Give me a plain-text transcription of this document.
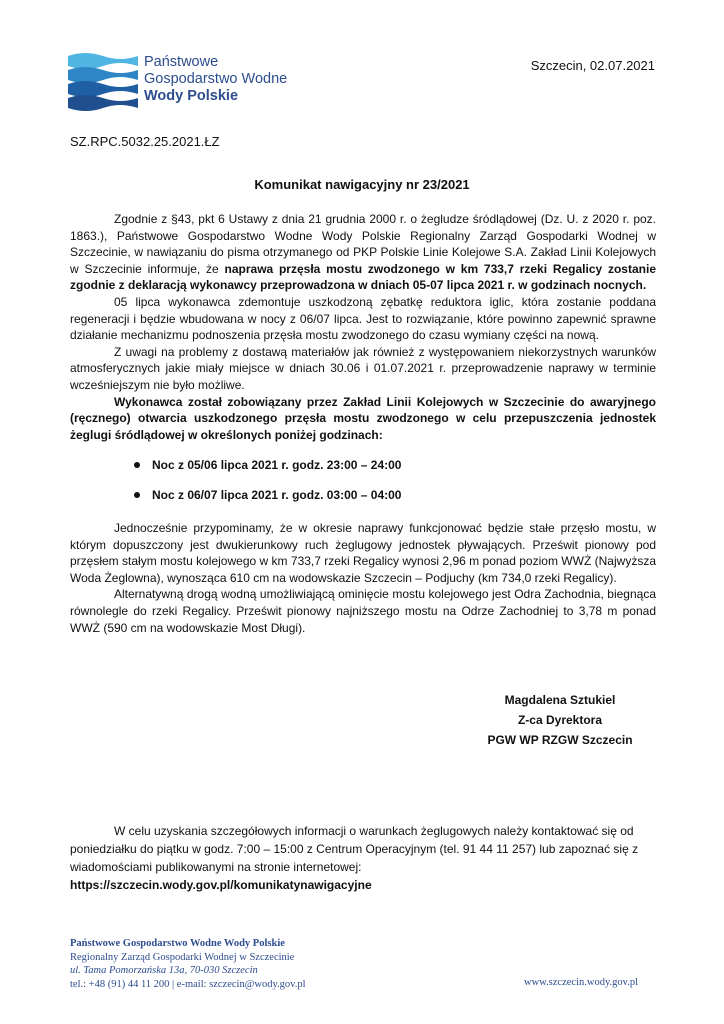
Państwowe
Gospodarstwo Wodne
Wody Polskie
Szczecin, 02.07.2021
SZ.RPC.5032.25.2021.ŁZ
Komunikat nawigacyjny nr 23/2021

Zgodnie z §43, pkt 6 Ustawy z dnia 21 grudnia 2000 r. o żegludze śródlądowej (Dz. U. z 2020 r. poz. 1863.), Państwowe Gospodarstwo Wodne Wody Polskie Regionalny Zarząd Gospodarki Wodnej w Szczecinie, w nawiązaniu do pisma otrzymanego od PKP Polskie Linie Kolejowe S.A. Zakład Linii Kolejowych w Szczecinie informuje, że naprawa przęsła mostu zwodzonego w km 733,7 rzeki Regalicy zostanie zgodnie z deklaracją wykonawcy przeprowadzona w dniach 05-07 lipca 2021 r. w godzinach nocnych.

05 lipca wykonawca zdemontuje uszkodzoną zębatkę reduktora iglic, która zostanie poddana regeneracji i będzie wbudowana w nocy z 06/07 lipca. Jest to rozwiązanie, które powinno zapewnić sprawne działanie mechanizmu podnoszenia przęsła mostu zwodzonego do czasu wymiany części na nową.

Z uwagi na problemy z dostawą materiałów jak również z występowaniem niekorzystnych warunków atmosferycznych jakie miały miejsce w dniach 30.06 i 01.07.2021 r. przeprowadzenie naprawy w terminie wcześniejszym nie było możliwe.

Wykonawca został zobowiązany przez Zakład Linii Kolejowych w Szczecinie do awaryjnego (ręcznego) otwarcia uszkodzonego przęsła mostu zwodzonego w celu przepuszczenia jednostek żeglugi śródlądowej w określonych poniżej godzinach:

Noc z 05/06 lipca 2021 r. godz. 23:00 – 24:00
Noc z 06/07 lipca 2021 r. godz. 03:00 – 04:00

Jednocześnie przypominamy, że w okresie naprawy funkcjonować będzie stałe przęsło mostu, w którym dopuszczony jest dwukierunkowy ruch żeglugowy jednostek pływających. Prześwit pionowy pod przęsłem stałym mostu kolejowego w km 733,7 rzeki Regalicy wynosi 2,96 m ponad poziom WWŻ (Najwyższa Woda Żeglowna), wynosząca 610 cm na wodowskazie Szczecin – Podjuchy (km 734,0 rzeki Regalicy).

Alternatywną drogą wodną umożliwiającą ominięcie mostu kolejowego jest Odra Zachodnia, biegnąca równolegle do rzeki Regalicy. Prześwit pionowy najniższego mostu na Odrze Zachodniej to 3,78 m ponad WWŻ (590 cm na wodowskazie Most Długi).

Magdalena Sztukiel
Z-ca Dyrektora
PGW WP RZGW Szczecin

W celu uzyskania szczegółowych informacji o warunkach żeglugowych należy kontaktować się od poniedziałku do piątku w godz. 7:00 – 15:00 z Centrum Operacyjnym (tel. 91 44 11 257) lub zapoznać się z wiadomościami publikowanymi na stronie internetowej:

https://szczecin.wody.gov.pl/komunikatynawigacyjne

Państwowe Gospodarstwo Wodne Wody Polskie
Regionalny Zarząd Gospodarki Wodnej w Szczecinie
ul. Tama Pomorzańska 13a, 70-030 Szczecin
tel.: +48 (91) 44 11 200 | e-mail: szczecin@wody.gov.pl	www.szczecin.wody.gov.pl
